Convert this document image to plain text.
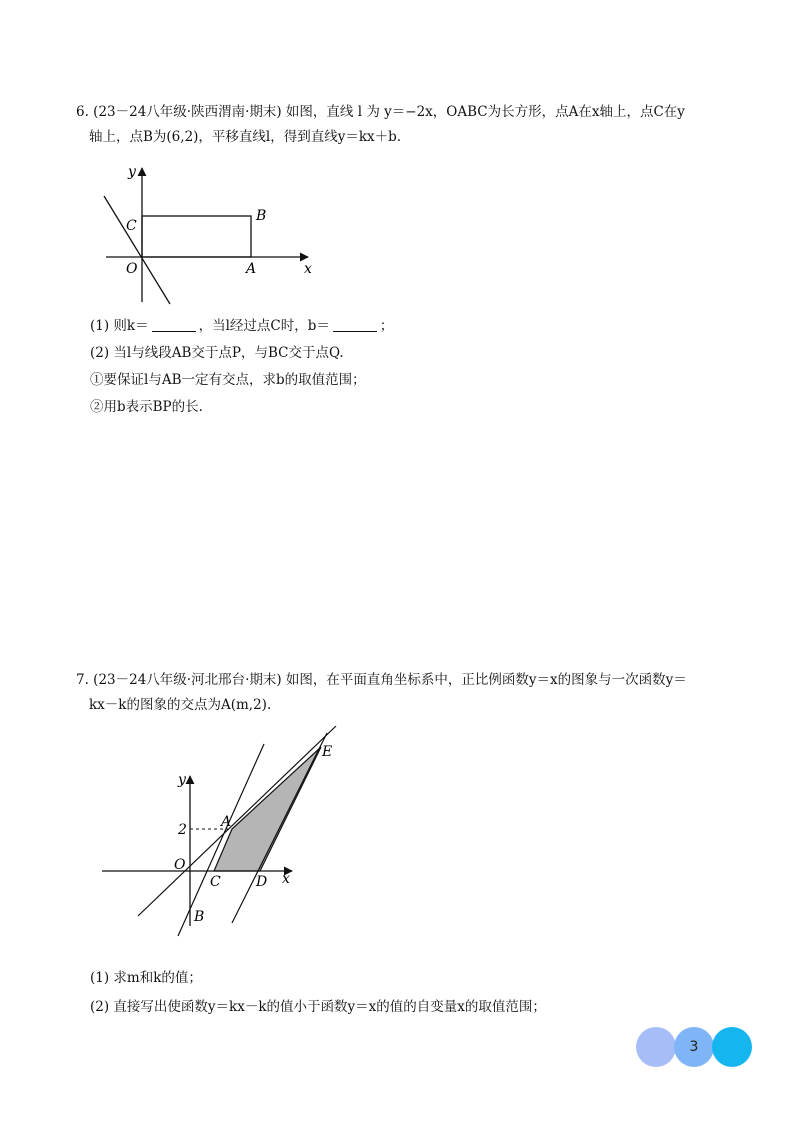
6. (23－24八年级·陕西渭南·期末) 如图，直线 l 为 y＝−2x，OABC为长方形，点A在x轴上，点C在y
轴上，点B为(6,2)，平移直线l，得到直线y＝kx＋b.
y
x
O	A
B
C
(1) 则k＝	，当l经过点C时，b＝	；
(2) 当l与线段AB交于点P，与BC交于点Q.
①要保证l与AB一定有交点，求b的取值范围；
②用b表示BP的长.
7. (23－24八年级·河北邢台·期末) 如图，在平面直角坐标系中，正比例函数y＝x的图象与一次函数y＝
kx－k的图象的交点为A(m,2).
y
x
O
A
B
C	D
E
2
(1) 求m和k的值；
(2) 直接写出使函数y＝kx－k的值小于函数y＝x的值的自变量x的取值范围；
3
